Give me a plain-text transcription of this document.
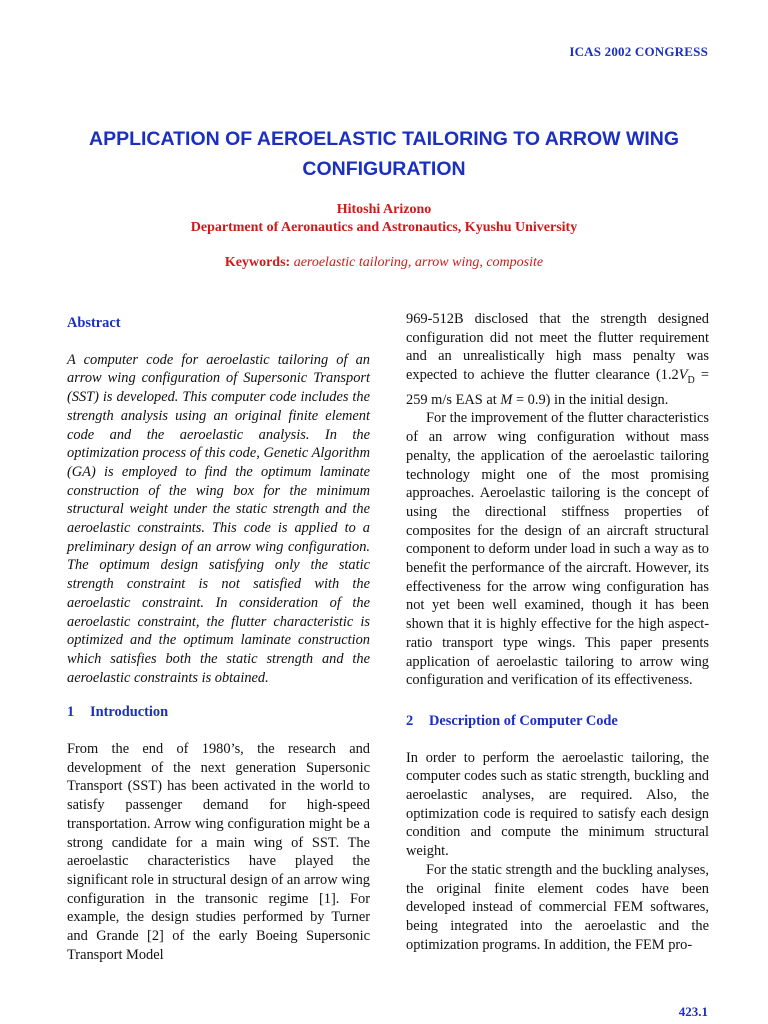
ICAS 2002 CONGRESS
APPLICATION OF AEROELASTIC TAILORING TO ARROW WING CONFIGURATION
Hitoshi Arizono
Department of Aeronautics and Astronautics, Kyushu University
Keywords: aeroelastic tailoring, arrow wing, composite
Abstract

A computer code for aeroelastic tailoring of an arrow wing configuration of Supersonic Transport (SST) is developed. This computer code includes the strength analysis using an original finite element code and the aeroelastic analysis. In the optimization process of this code, Genetic Algorithm (GA) is employed to find the optimum laminate construction of the wing box for the minimum structural weight under the static strength and the aeroelastic constraints. This code is applied to a preliminary design of an arrow wing configuration. The optimum design satisfying only the static strength constraint is not satisfied with the aeroelastic constraint. In consideration of the aeroelastic constraint, the flutter characteristic is optimized and the optimum laminate construction which satisfies both the static strength and the aeroelastic constraints is obtained.

1 Introduction

From the end of 1980’s, the research and development of the next generation Supersonic Transport (SST) has been activated in the world to satisfy passenger demand for high-speed transportation. Arrow wing configuration might be a strong candidate for a main wing of SST. The aeroelastic characteristics have played the significant role in structural design of an arrow wing configuration in the transonic regime [1]. For example, the design studies performed by Turner and Grande [2] of the early Boeing Supersonic Transport Model

969-512B disclosed that the strength designed configuration did not meet the flutter requirement and an unrealistically high mass penalty was expected to achieve the flutter clearance ($1.2V_D = 259$ m/s EAS at M = 0.9) in the initial design.

For the improvement of the flutter characteristics of an arrow wing configuration without mass penalty, the application of the aeroelastic tailoring technology might one of the most promising approaches. Aeroelastic tailoring is the concept of using the directional stiffness properties of composites for the design of an aircraft structural component to deform under load in such a way as to benefit the performance of the aircraft. However, its effectiveness for the arrow wing configuration has not yet been well examined, though it has been shown that it is highly effective for the high aspect-ratio transport type wings. This paper presents application of aeroelastic tailoring to arrow wing configuration and verification of its effectiveness.

2 Description of Computer Code

In order to perform the aeroelastic tailoring, the computer codes such as static strength, buckling and aeroelastic analyses, are required. Also, the optimization code is required to satisfy each design condition and compute the minimum structural weight.

For the static strength and the buckling analyses, the original finite element codes have been developed instead of commercial FEM softwares, being integrated into the aeroelastic and the optimization programs. In addition, the FEM pro-

423.1
